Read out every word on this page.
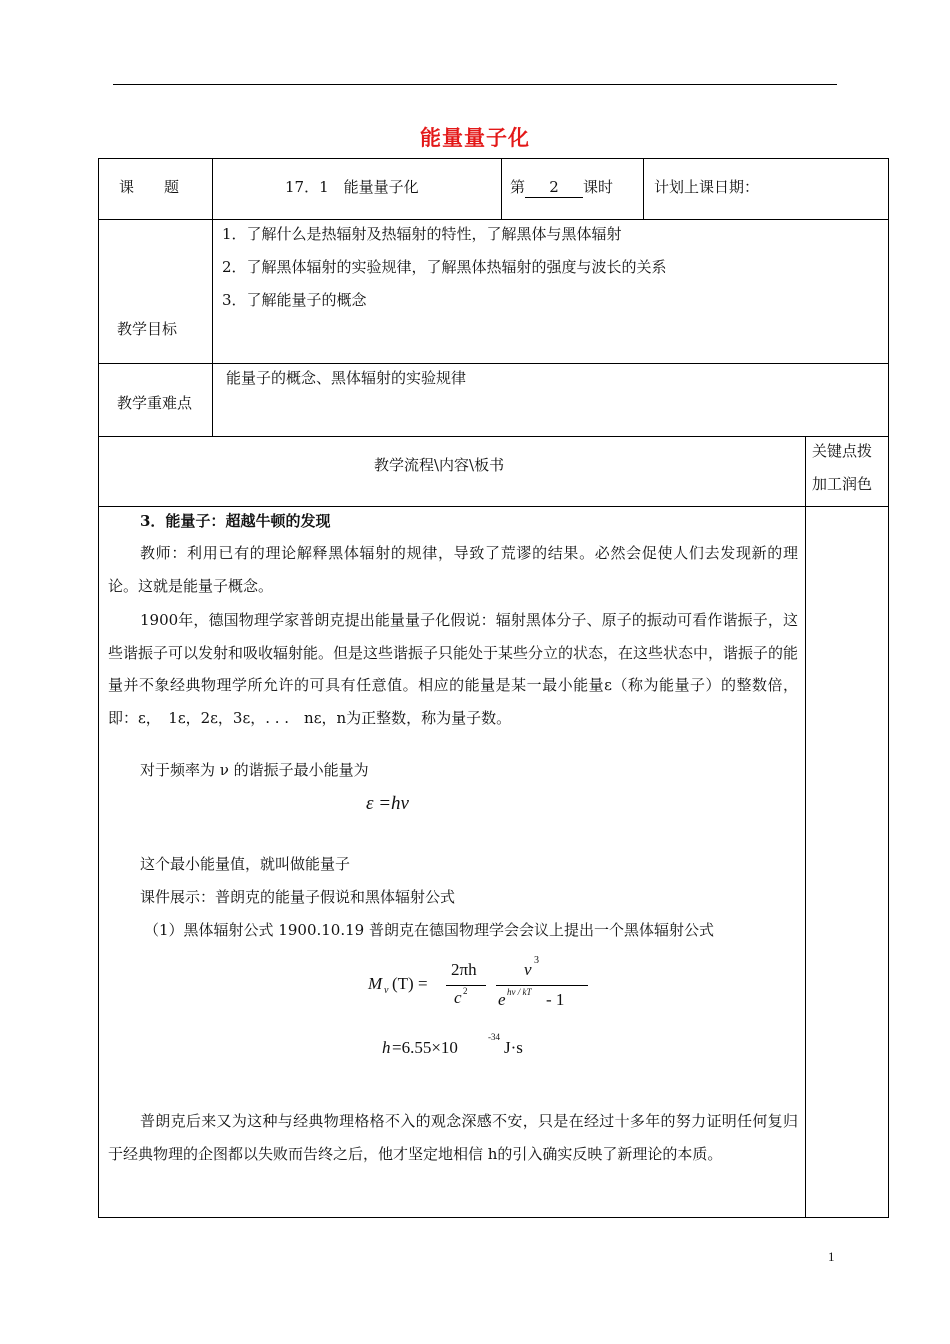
能量量子化
课　　题	17．1　能量量子化	第 2 课时	计划上课日期：
教学目标
1．了解什么是热辐射及热辐射的特性，了解黑体与黑体辐射
2．了解黑体辐射的实验规律，了解黑体热辐射的强度与波长的关系
3．了解能量子的概念
教学重难点
能量子的概念、黑体辐射的实验规律
教学流程\内容\板书
关键点拨
加工润色
3．能量子：超越牛顿的发现

教师：利用已有的理论解释黑体辐射的规律，导致了荒谬的结果。必然会促使人们去发现新的理论。这就是能量子概念。

1900年，德国物理学家普朗克提出能量量子化假说：辐射黑体分子、原子的振动可看作谐振子，这些谐振子可以发射和吸收辐射能。但是这些谐振子只能处于某些分立的状态，在这些状态中，谐振子的能量并不象经典物理学所允许的可具有任意值。相应的能量是某一最小能量ε（称为能量子）的整数倍，即：ε，　1ε，2ε，3ε，. . .　nε，n为正整数，称为量子数。

对于频率为 ν 的谐振子最小能量为
ε =hν
这个最小能量值，就叫做能量子
课件展示：普朗克的能量子假说和黑体辐射公式
（1）黑体辐射公式 1900.10.19 普朗克在德国物理学会会议上提出一个黑体辐射公式
M ν (T) =
2πh
c 2
ν 3
e hν / kT - 1
h =6.55×10
-34
J·s

普朗克后来又为这种与经典物理格格不入的观念深感不安，只是在经过十多年的努力证明任何复归于经典物理的企图都以失败而告终之后，他才坚定地相信 h的引入确实反映了新理论的本质。

1
